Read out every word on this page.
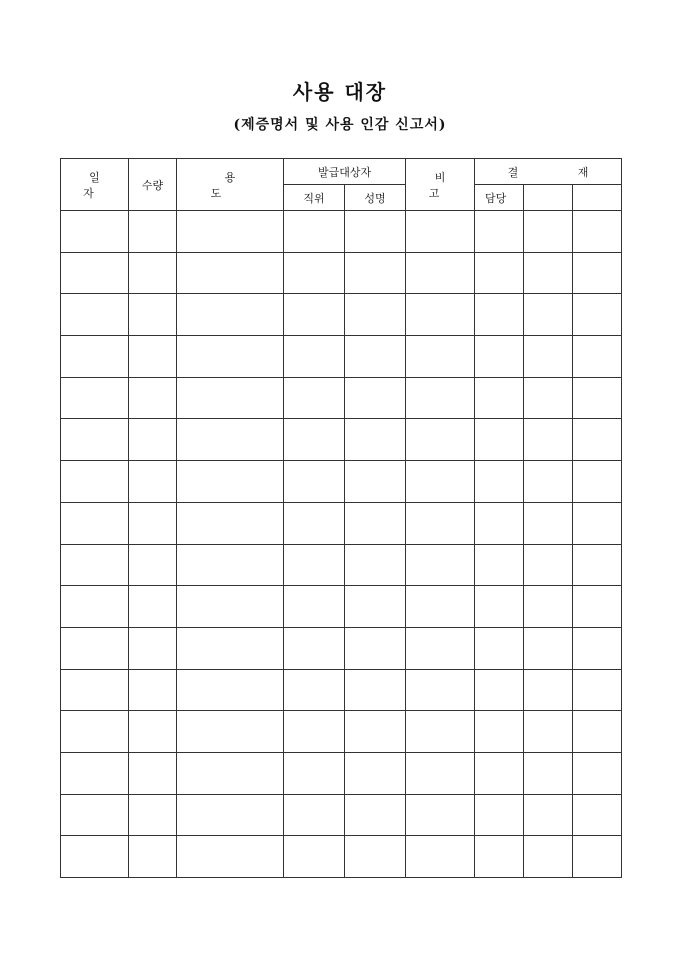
사용 대장
(제증명서 및 사용 인감 신고서)
일 자	수량	용 도	발급대상자		비 고	결 재		
			직위	성명		담당		
